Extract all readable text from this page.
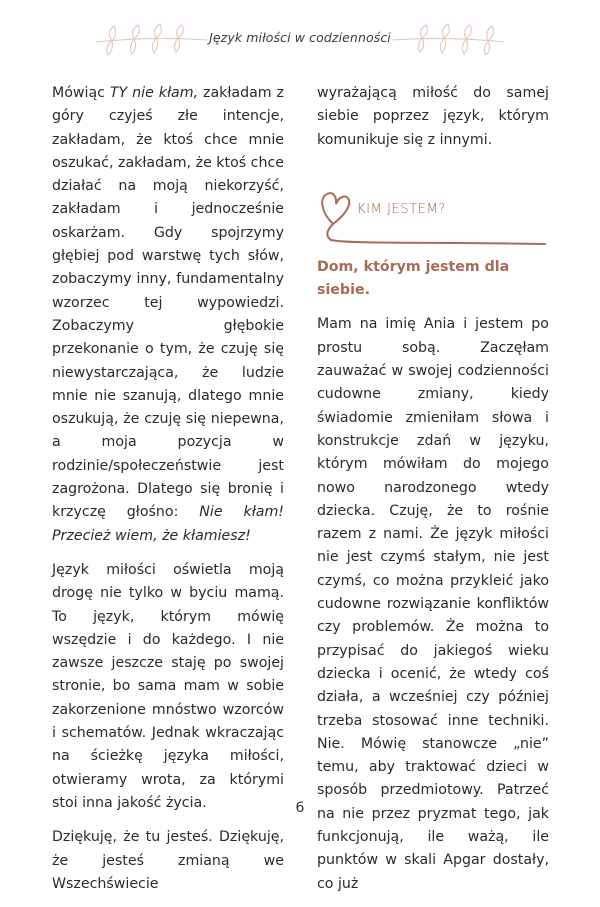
Język miłości w codzienności

Mówiąc TY nie kłam, zakładam z góry czyjeś złe intencje, zakładam, że ktoś chce mnie oszukać, zakładam, że ktoś chce działać na moją niekorzyść, zakładam i jednocześnie oskarżam. Gdy spojrzymy głębiej pod warstwę tych słów, zobaczymy inny, fundamentalny wzorzec tej wypowiedzi. Zobaczymy głębokie przekonanie o tym, że czuję się niewystarczająca, że ludzie mnie nie szanują, dlatego mnie oszukują, że czuję się niepewna, a moja pozycja w rodzinie/społeczeństwie jest zagrożona. Dlatego się bronię i krzyczę głośno: Nie kłam! Przecież wiem, że kłamiesz!

Język miłości oświetla moją drogę nie tylko w byciu mamą. To język, którym mówię wszędzie i do każdego. I nie zawsze jeszcze staję po swojej stronie, bo sama mam w sobie zakorzenione mnóstwo wzorców i schematów. Jednak wkraczając na ścieżkę języka miłości, otwieramy wrota, za którymi stoi inna jakość życia.

Dziękuję, że tu jesteś. Dziękuję, że jesteś zmianą we Wszechświecie

wyrażającą miłość do samej siebie poprzez język, którym komunikuje się z innymi.

KIM JESTEM?

Dom, którym jestem dla siebie.

Mam na imię Ania i jestem po prostu sobą. Zaczęłam zauważać w swojej codzienności cudowne zmiany, kiedy świadomie zmieniłam słowa i konstrukcje zdań w języku, którym mówiłam do mojego nowo narodzonego wtedy dziecka. Czuję, że to rośnie razem z nami. Że język miłości nie jest czymś stałym, nie jest czymś, co można przykleić jako cudowne rozwiązanie konfliktów czy problemów. Że można to przypisać do jakiegoś wieku dziecka i ocenić, że wtedy coś działa, a wcześniej czy później trzeba stosować inne techniki. Nie. Mówię stanowcze „nie” temu, aby traktować dzieci w sposób przedmiotowy. Patrzeć na nie przez pryzmat tego, jak funkcjonują, ile ważą, ile punktów w skali Apgar dostały, co już

6
